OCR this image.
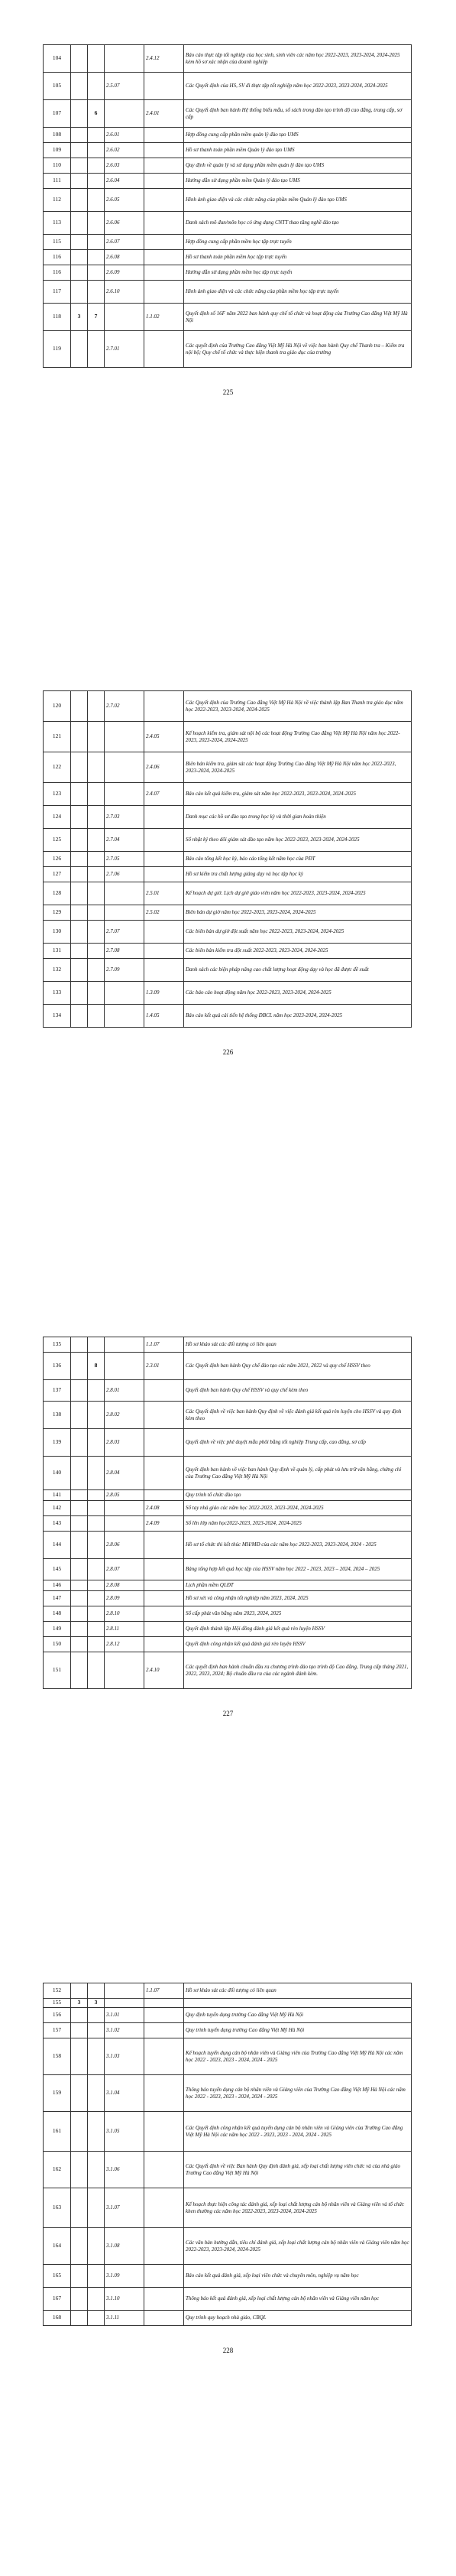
104				2.4.12	Báo cáo thực tập tốt nghiệp của học sinh, sinh viên các năm học 2022-2023, 2023-2024, 2024-2025 kèm hồ sơ xác nhận của doanh nghiệp
105			2.5.07		Các Quyết định của HS, SV đi thực tập tốt nghiệp năm học 2022-2023, 2023-2024, 2024-2025
107		6		2.4.01	Các Quyết định ban hành Hệ thống biểu mẫu, sổ sách trong đào tạo trình độ cao đẳng, trung cấp, sơ cấp
108			2.6.01		Hợp đồng cung cấp phần mềm quản lý đào tạo UMS
109			2.6.02		Hồ sơ thanh toán phần mềm Quản lý đào tạo UMS
110			2.6.03		Quy định về quản lý và sử dụng phần mềm quản lý đào tạo UMS
111			2.6.04		Hướng dẫn sử dụng phần mềm Quản lý đào tạo UMS
112			2.6.05		Hình ảnh giao diện và các chức năng của phần mềm Quản lý đào tạo UMS
113			2.6.06		Danh sách mô đun/môn học có ứng dụng CNTT thao tăng nghề đào tạo
115			2.6.07		Hợp đồng cung cấp phần mềm học tập trực tuyến
116			2.6.08		Hồ sơ thanh toán phần mềm học tập trực tuyến
116			2.6.09		Hướng dẫn sử dụng phần mềm học tập trực tuyến
117			2.6.10		Hình ảnh giao diện và các chức năng của phần mềm học tập trực tuyến
118	3	7		1.1.02	Quyết định số 16F năm 2022 ban hành quy chế tổ chức và hoạt động của Trường Cao đẳng Việt Mỹ Hà Nội
119			2.7.01		Các quyết định của Trường Cao đẳng Việt Mỹ Hà Nội về việc ban hành Quy chế Thanh tra – Kiểm tra nội bộ; Quy chế tổ chức và thực hiện thanh tra giáo dục của trường
225
120			2.7.02		Các Quyết định của Trường Cao đẳng Việt Mỹ Hà Nội về việc thành lập Ban Thanh tra giáo dục năm học 2022-2023, 2023-2024, 2024-2025
121				2.4.05	Kế hoạch kiểm tra, giám sát nội bộ các hoạt động Trường Cao đẳng Việt Mỹ Hà Nội năm học 2022-2023, 2023-2024, 2024-2025
122				2.4.06	Biên bản kiểm tra, giám sát các hoạt động Trường Cao đẳng Việt Mỹ Hà Nội năm học 2022-2023, 2023-2024, 2024-2025
123				2.4.07	Báo cáo kết quả kiểm tra, giám sát năm học 2022-2023, 2023-2024, 2024-2025
124			2.7.03		Danh mục các hồ sơ đào tạo trong học kỳ và thời gian hoàn thiện
125			2.7.04		Sổ nhật ký theo dõi giám sát đào tạo năm học 2022-2023, 2023-2024, 2024-2025
126			2.7.05		Báo cáo tổng kết học kỳ, báo cáo tổng kết năm học của PĐT
127			2.7.06		Hồ sơ kiểm tra chất lượng giảng dạy và học tập học kỳ
128				2.5.01	Kế hoạch dự giờ. Lịch dự giờ giáo viên năm học 2022-2023, 2023-2024, 2024-2025
129				2.5.02	Biên bản dự giờ năm học 2022-2023, 2023-2024, 2024-2025
130			2.7.07		Các biên bản dự giờ đột xuất năm học 2022-2023, 2023-2024, 2024-2025
131			2.7.08		Các biên bản kiểm tra đột xuất 2022-2023, 2023-2024, 2024-2025
132			2.7.09		Danh sách các biện pháp nâng cao chất lượng hoạt động dạy và học đã được đề xuất
133				1.3.09	Các báo cáo hoạt động năm học 2022-2023, 2023-2024, 2024-2025
134				1.4.05	Báo cáo kết quả cải tiến hệ thống ĐBCL năm học 2023-2024, 2024-2025
226
135				1.1.07	Hồ sơ khảo sát các đối tượng có liên quan
136		8		2.3.01	Các Quyết định ban hành Quy chế đào tạo các năm 2021, 2022 và quy chế HSSV theo
137			2.8.01		Quyết định ban hành Quy chế HSSV và quy chế kèm theo
138			2.8.02		Các Quyết định về việc ban hành Quy định về việc đánh giá kết quả rèn luyện cho HSSV và quy định kèm theo
139			2.8.03		Quyết định về việc phê duyệt mẫu phôi bằng tốt nghiệp Trung cấp, cao đẳng, sơ cấp
140			2.8.04		Quyết định ban hành về việc ban hành Quy định về quản lý, cấp phát và lưu trữ văn bằng, chứng chỉ của Trường Cao đẳng Việt Mỹ Hà Nội
141			2.8.05		Quy trình tổ chức đào tạo
142				2.4.08	Sổ tay nhà giáo các năm học 2022-2023, 2023-2024, 2024-2025
143				2.4.09	Sổ lên lớp năm học2022-2023, 2023-2024, 2024-2025
144			2.8.06		Hồ sơ tổ chức thi kết thúc MH/MĐ của các năm học 2022-2023, 2023-2024, 2024 - 2025
145			2.8.07		Bảng tổng hợp kết quả học tập của HSSV năm học 2022 - 2023, 2023 – 2024, 2024 – 2025
146			2.8.08		Lịch phần mềm QLĐT
147			2.8.09		Hồ sơ xét và công nhận tốt nghiệp năm 2023, 2024, 2025
148			2.8.10		Sổ cấp phát văn bằng năm 2023, 2024, 2025
149			2.8.11		Quyết định thành lập Hội đồng đánh giá kết quả rèn luyện HSSV
150			2.8.12		Quyết định công nhận kết quả đánh giá rèn luyện HSSV
151				2.4.10	Các quyết định ban hành chuẩn đầu ra chương trình đào tạo trình độ Cao đẳng, Trung cấp tháng 2021, 2022, 2023, 2024; Bộ chuẩn đầu ra của các ngành đánh kèm.
227
152				1.1.07	Hồ sơ khảo sát các đối tượng có liên quan
155	3	3			
156			3.1.01		Quy định tuyển dụng trường Cao đẳng Việt Mỹ Hà Nội
157			3.1.02		Quy trình tuyển dụng trường Cao đẳng Việt Mỹ Hà Nội
158			3.1.03		Kế hoạch tuyển dụng cán bộ nhân viên và Giảng viên của Trường Cao đẳng Việt Mỹ Hà Nội các năm học 2022 - 2023, 2023 - 2024, 2024 - 2025
159			3.1.04		Thông báo tuyển dụng cán bộ nhân viên và Giảng viên của Trường Cao đẳng Việt Mỹ Hà Nội các năm học 2022 - 2023, 2023 - 2024, 2024 - 2025
161			3.1.05		Các Quyết định công nhận kết quả tuyển dụng cán bộ nhân viên và Giảng viên của Trường Cao đẳng Việt Mỹ Hà Nội các năm học 2022 - 2023, 2023 - 2024, 2024 - 2025
162			3.1.06		Các Quyết định về việc Ban hành Quy định đánh giá, xếp loại chất lượng viên chức và của nhà giáo Trường Cao đẳng Việt Mỹ Hà Nội
163			3.1.07		Kế hoạch thực hiện công tác đánh giá, xếp loại chất lượng cán bộ nhân viên và Giảng viên và tổ chức khen thưởng các năm học 2022-2023, 2023-2024, 2024-2025
164			3.1.08		Các văn bản hướng dẫn, tiêu chí đánh giá, xếp loại chất lượng cán bộ nhân viên và Giảng viên năm học 2022-2023, 2023-2024, 2024-2025
165			3.1.09		Báo cáo kết quả đánh giá, xếp loại viên chức và chuyên môn, nghiệp vụ năm học
167			3.1.10		Thông báo kết quả đánh giá, xếp loại chất lượng cán bộ nhân viên và Giảng viên năm học
168			3.1.11		Quy trình quy hoạch nhà giáo, CBQL
228
